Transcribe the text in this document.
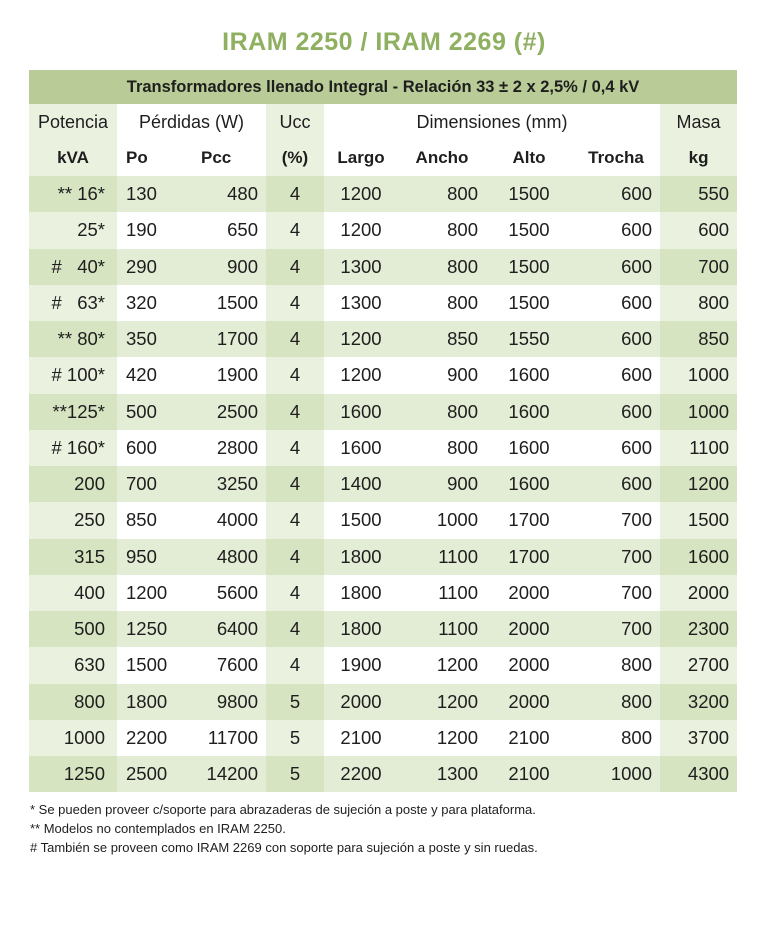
IRAM 2250 / IRAM 2269 (#)
Transformadores llenado Integral - Relación 33 ± 2 x 2,5% / 0,4 kV								
Potencia	Pérdidas (W)		Ucc	Dimensiones (mm)				Masa
kVA	Po	Pcc	(%)	Largo	Ancho	Alto	Trocha	kg
** 16*	130	480	4	1200	800	1500	600	550
25*	190	650	4	1200	800	1500	600	600
#   40*	290	900	4	1300	800	1500	600	700
#   63*	320	1500	4	1300	800	1500	600	800
** 80*	350	1700	4	1200	850	1550	600	850
# 100*	420	1900	4	1200	900	1600	600	1000
**125*	500	2500	4	1600	800	1600	600	1000
# 160*	600	2800	4	1600	800	1600	600	1100
200	700	3250	4	1400	900	1600	600	1200
250	850	4000	4	1500	1000	1700	700	1500
315	950	4800	4	1800	1100	1700	700	1600
400	1200	5600	4	1800	1100	2000	700	2000
500	1250	6400	4	1800	1100	2000	700	2300
630	1500	7600	4	1900	1200	2000	800	2700
800	1800	9800	5	2000	1200	2000	800	3200
1000	2200	11700	5	2100	1200	2100	800	3700
1250	2500	14200	5	2200	1300	2100	1000	4300
* Se pueden proveer c/soporte para abrazaderas de sujeción a poste y para plataforma.
** Modelos no contemplados en IRAM 2250.
# También se proveen como IRAM 2269 con soporte para sujeción a poste y sin ruedas.
